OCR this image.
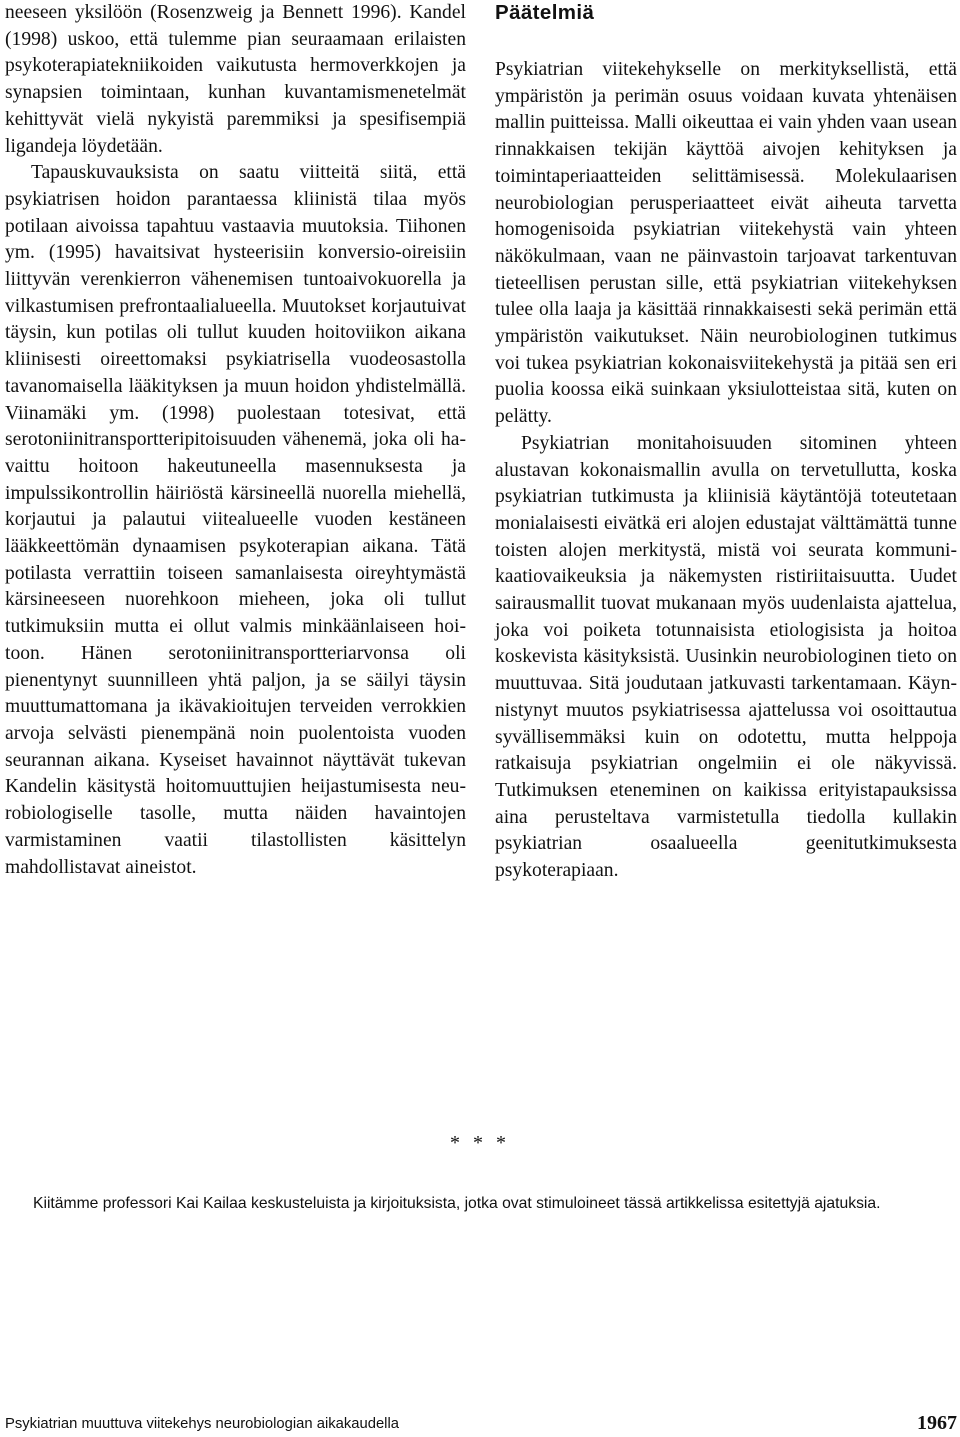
neeseen yksilöön (Rosenzweig ja Bennett 1996). Kandel (1998) uskoo, että tulemme pian seuraamaan erilaisten psykoterapiatekniikoiden vaikutusta hermoverkkojen ja synapsien toimintaan, kunhan kuvantamismenetelmät kehittyvät vielä nykyistä paremmiksi ja spesifisempiä ligandeja löydetään.

Tapauskuvauksista on saatu viitteitä siitä, että psykiatrisen hoidon parantaessa kliinistä tilaa myös potilaan aivoissa tapahtuu vastaavia muutoksia. Tiihonen ym. (1995) havaitsivat hysteerisiin konversio-oireisiin liittyvän verenkierron vähenemisen tuntoaivokuorella ja vilkastumisen prefrontaalialueella. Muutokset korjautuivat täysin, kun potilas oli tullut kuuden hoitoviikon aikana kliinisesti oireettomaksi psykiatrisella vuodeosastolla tavanomaisella lääkityksen ja muun hoidon yhdistelmällä. Viinamäki ym. (1998) puolestaan totesivat, että serotoniinitransportteripitoisuuden vähenemä, joka oli havaittu hoitoon hakeutuneella masennuksesta ja impulssikontrollin häiriöstä kärsineellä nuorella miehellä, korjautui ja palautui viitealueelle vuoden kestäneen lääkkeettömän dynaamisen psykoterapian aikana. Tätä potilasta verrattiin toiseen samanlaisesta oireyhtymästä kärsineeseen nuorehkoon mieheen, joka oli tullut tutkimuksiin mutta ei ollut valmis minkäänlaiseen hoitoon. Hänen serotoniinitransportteriarvonsa oli pienentynyt suunnilleen yhtä paljon, ja se säilyi täysin muuttumattomana ja ikävakioitujen terveiden verrokkien arvoja selvästi pienempänä noin puolentoista vuoden seurannan aikana. Kyseiset havainnot näyttävät tukevan Kandelin käsitystä hoitomuuttujien heijastumisesta neurobiologiselle tasolle, mutta näiden havaintojen varmistaminen vaatii tilastollisten käsittelyn mahdollistavat aineistot.

Päätelmiä

Psykiatrian viitekehykselle on merkityksellistä, että ympäristön ja perimän osuus voidaan kuvata yhtenäisen mallin puitteissa. Malli oikeuttaa ei vain yhden vaan usean rinnakkaisen tekijän käyttöä aivojen kehityksen ja toimintaperiaatteiden selittämisessä. Molekulaarisen neurobiologian perusperiaatteet eivät aiheuta tarvetta homogenisoida psykiatrian viitekehystä vain yhteen näkökulmaan, vaan ne päinvastoin tarjoavat tarkentuvan tieteellisen perustan sille, että psykiatrian viitekehyksen tulee olla laaja ja käsittää rinnakkaisesti sekä perimän että ympäristön vaikutukset. Näin neurobiologinen tutkimus voi tukea psykiatrian kokonaisviitekehystä ja pitää sen eri puolia koossa eikä suinkaan yksiulotteistaa sitä, kuten on pelätty.

Psykiatrian monitahoisuuden sitominen yhteen alustavan kokonaismallin avulla on tervetullutta, koska psykiatrian tutkimusta ja kliinisiä käytäntöjä toteutetaan monialaisesti eivätkä eri alojen edustajat välttämättä tunne toisten alojen merkitystä, mistä voi seurata kommunikaatiovaikeuksia ja näkemysten ristiriitaisuutta. Uudet sairausmallit tuovat mukanaan myös uudenlaista ajattelua, joka voi poiketa totunnaisista etiologisista ja hoitoa koskevista käsityksistä. Uusinkin neurobiologinen tieto on muuttuvaa. Sitä joudutaan jatkuvasti tarkentamaan. Käynnistynyt muutos psykiatrisessa ajattelussa voi osoittautua syvällisemmäksi kuin on odotettu, mutta helppoja ratkaisuja psykiatrian ongelmiin ei ole näkyvissä. Tutkimuksen eteneminen on kaikissa erityistapauksissa aina perusteltava varmistetulla tiedolla kullakin psykiatrian osaalueella geenitutkimuksesta psykoterapiaan.

* * *
Kiitämme professori Kai Kailaa keskusteluista ja kirjoituksista, jotka ovat stimuloineet tässä artikkelissa esitettyjä ajatuksia.
Psykiatrian muuttuva viitekehys neurobiologian aikakaudella	1967
